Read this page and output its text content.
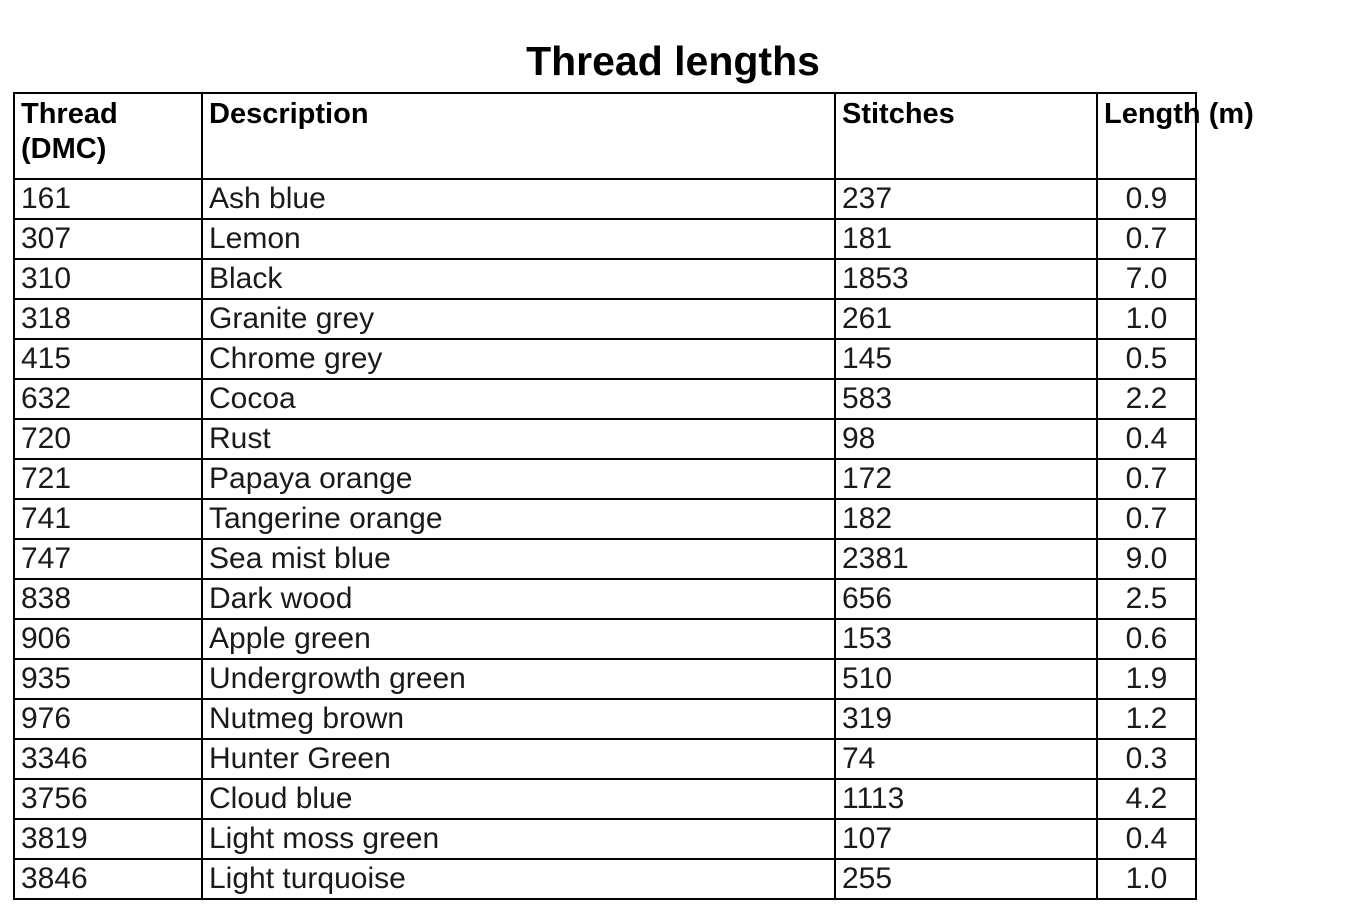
Thread lengths
Thread (DMC)	Description	Stitches	Length (m)
161	Ash blue	237	0.9
307	Lemon	181	0.7
310	Black	1853	7.0
318	Granite grey	261	1.0
415	Chrome grey	145	0.5
632	Cocoa	583	2.2
720	Rust	98	0.4
721	Papaya orange	172	0.7
741	Tangerine orange	182	0.7
747	Sea mist blue	2381	9.0
838	Dark wood	656	2.5
906	Apple green	153	0.6
935	Undergrowth green	510	1.9
976	Nutmeg brown	319	1.2
3346	Hunter Green	74	0.3
3756	Cloud blue	1113	4.2
3819	Light moss green	107	0.4
3846	Light turquoise	255	1.0
